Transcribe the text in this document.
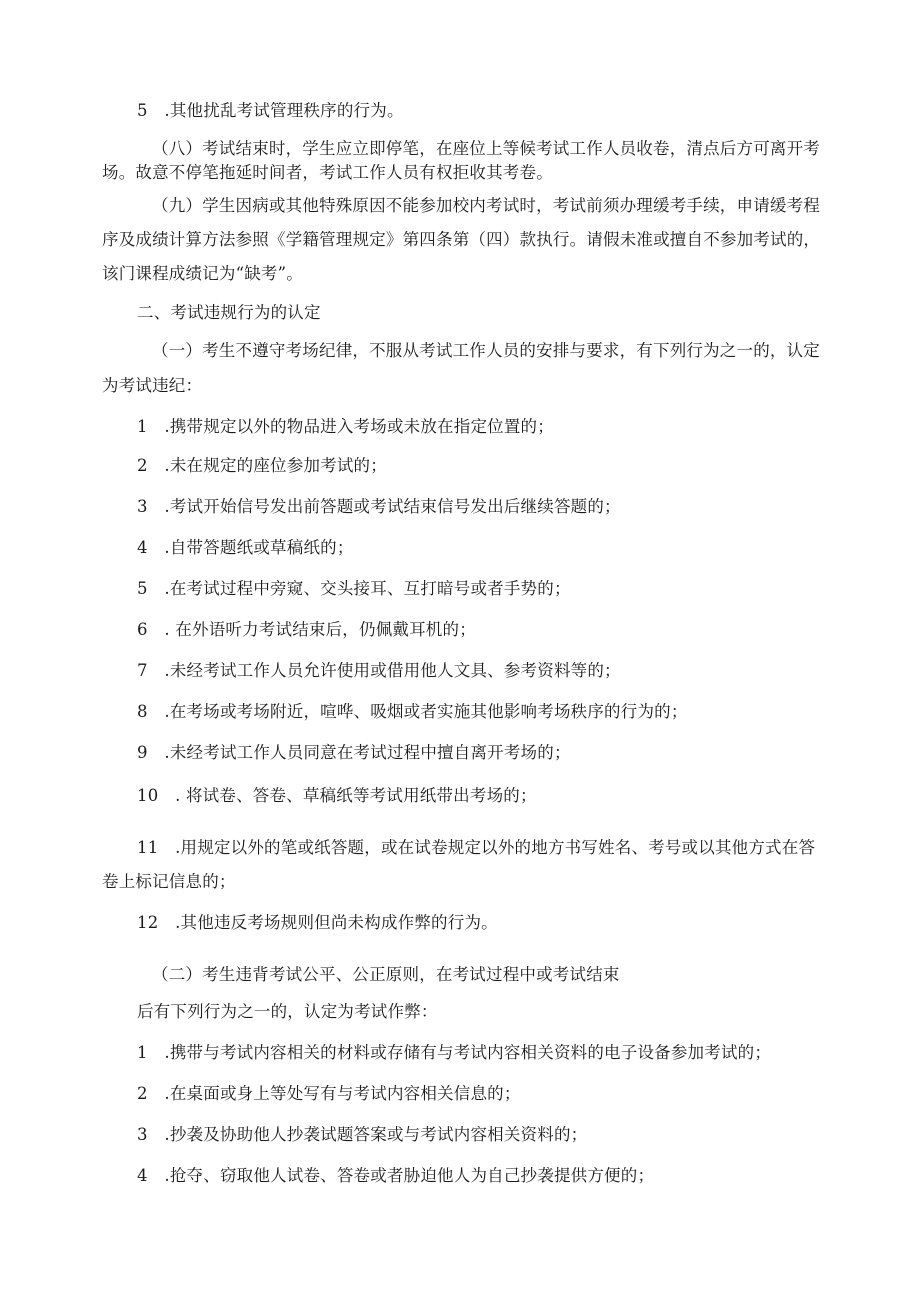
5　.其他扰乱考试管理秩序的行为。
（八）考试结束时，学生应立即停笔，在座位上等候考试工作人员收卷，清点后方可离开考
场。故意不停笔拖延时间者，考试工作人员有权拒收其考卷。
（九）学生因病或其他特殊原因不能参加校内考试时，考试前须办理缓考手续，申请缓考程
序及成绩计算方法参照《学籍管理规定》第四条第（四）款执行。请假未准或擅自不参加考试的，
该门课程成绩记为“缺考”。
二、考试违规行为的认定
（一）考生不遵守考场纪律，不服从考试工作人员的安排与要求，有下列行为之一的，认定
为考试违纪：
1　.携带规定以外的物品进入考场或未放在指定位置的；
2　.未在规定的座位参加考试的；
3　.考试开始信号发出前答题或考试结束信号发出后继续答题的；
4　.自带答题纸或草稿纸的；
5　.在考试过程中旁窥、交头接耳、互打暗号或者手势的；
6　. 在外语听力考试结束后，仍佩戴耳机的；
7　.未经考试工作人员允许使用或借用他人文具、参考资料等的；
8　.在考场或考场附近，喧哗、吸烟或者实施其他影响考场秩序的行为的；
9　.未经考试工作人员同意在考试过程中擅自离开考场的；
10　. 将试卷、答卷、草稿纸等考试用纸带出考场的；
11　.用规定以外的笔或纸答题，或在试卷规定以外的地方书写姓名、考号或以其他方式在答
卷上标记信息的；
12　.其他违反考场规则但尚未构成作弊的行为。
（二）考生违背考试公平、公正原则，在考试过程中或考试结束
后有下列行为之一的，认定为考试作弊：
1　.携带与考试内容相关的材料或存储有与考试内容相关资料的电子设备参加考试的；
2　.在桌面或身上等处写有与考试内容相关信息的；
3　.抄袭及协助他人抄袭试题答案或与考试内容相关资料的；
4　.抢夺、窃取他人试卷、答卷或者胁迫他人为自己抄袭提供方便的；
